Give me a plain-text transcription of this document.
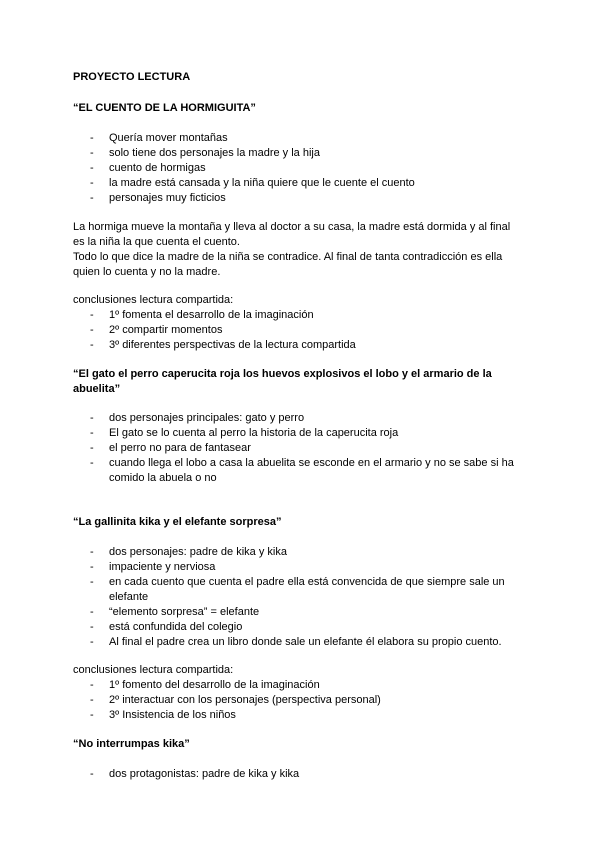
PROYECTO LECTURA
“EL CUENTO DE LA HORMIGUITA”
- Quería mover montañas
- solo tiene dos personajes la madre y la hija
- cuento de hormigas
- la madre está cansada y la niña quiere que le cuente el cuento
- personajes muy ficticios
La hormiga mueve la montaña y lleva al doctor a su casa, la madre está dormida y al final
es la niña la que cuenta el cuento.
Todo lo que dice la madre de la niña se contradice. Al final de tanta contradicción es ella
quien lo cuenta y no la madre.
conclusiones lectura compartida:
- 1º fomenta el desarrollo de la imaginación
- 2º compartir momentos
- 3º diferentes perspectivas de la lectura compartida
“El gato el perro caperucita roja los huevos explosivos el lobo y el armario de la
abuelita”
- dos personajes principales: gato y perro
- El gato se lo cuenta al perro la historia de la caperucita roja
- el perro no para de fantasear
- cuando llega el lobo a casa la abuelita se esconde en el armario y no se sabe si ha
comido la abuela o no
“La gallinita kika y el elefante sorpresa”
- dos personajes: padre de kika y kika
- impaciente y nerviosa
- en cada cuento que cuenta el padre ella está convencida de que siempre sale un
elefante
- “elemento sorpresa” = elefante
- está confundida del colegio
- Al final el padre crea un libro donde sale un elefante él elabora su propio cuento.
conclusiones lectura compartida:
- 1º fomento del desarrollo de la imaginación
- 2º interactuar con los personajes (perspectiva personal)
- 3º Insistencia de los niños
“No interrumpas kika”
- dos protagonistas: padre de kika y kika
